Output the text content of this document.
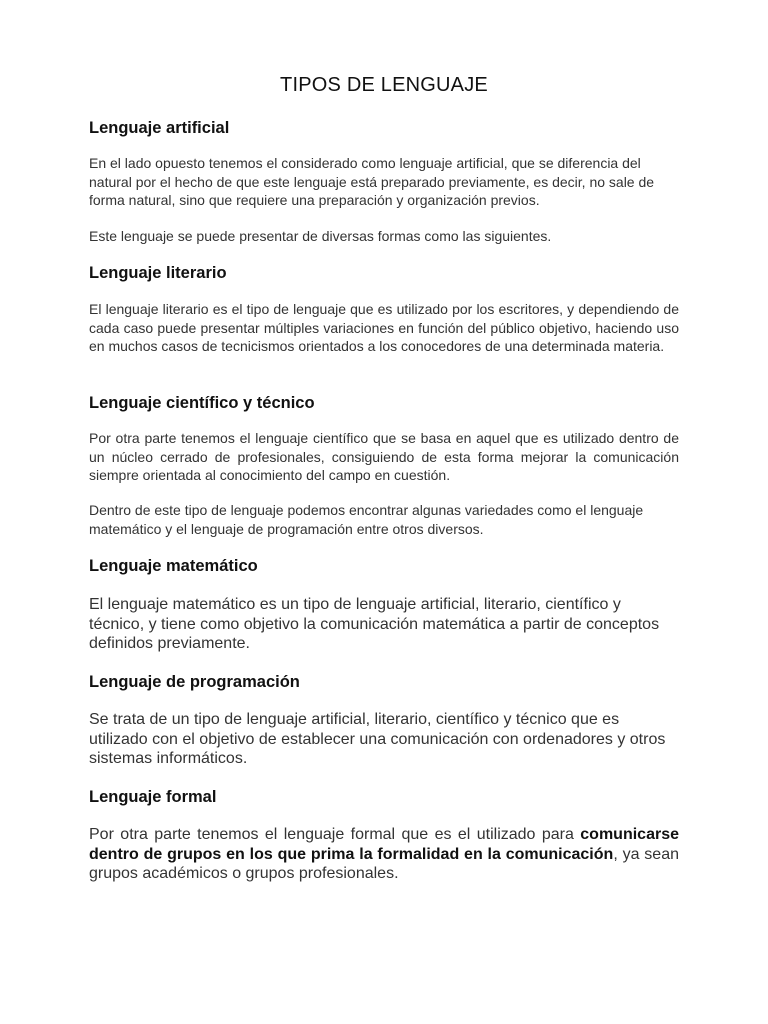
TIPOS DE LENGUAJE
Lenguaje artificial

En el lado opuesto tenemos el considerado como lenguaje artificial, que se diferencia del natural por el hecho de que este lenguaje está preparado previamente, es decir, no sale de forma natural, sino que requiere una preparación y organización previos.

Este lenguaje se puede presentar de diversas formas como las siguientes.

Lenguaje literario

El lenguaje literario es el tipo de lenguaje que es utilizado por los escritores, y dependiendo de cada caso puede presentar múltiples variaciones en función del público objetivo, haciendo uso en muchos casos de tecnicismos orientados a los conocedores de una determinada materia.

Lenguaje científico y técnico

Por otra parte tenemos el lenguaje científico que se basa en aquel que es utilizado dentro de un núcleo cerrado de profesionales, consiguiendo de esta forma mejorar la comunicación siempre orientada al conocimiento del campo en cuestión.

Dentro de este tipo de lenguaje podemos encontrar algunas variedades como el lenguaje matemático y el lenguaje de programación entre otros diversos.

Lenguaje matemático

El lenguaje matemático es un tipo de lenguaje artificial, literario, científico y técnico, y tiene como objetivo la comunicación matemática a partir de conceptos definidos previamente.

Lenguaje de programación

Se trata de un tipo de lenguaje artificial, literario, científico y técnico que es utilizado con el objetivo de establecer una comunicación con ordenadores y otros sistemas informáticos.

Lenguaje formal

Por otra parte tenemos el lenguaje formal que es el utilizado para comunicarse dentro de grupos en los que prima la formalidad en la comunicación, ya sean grupos académicos o grupos profesionales.
